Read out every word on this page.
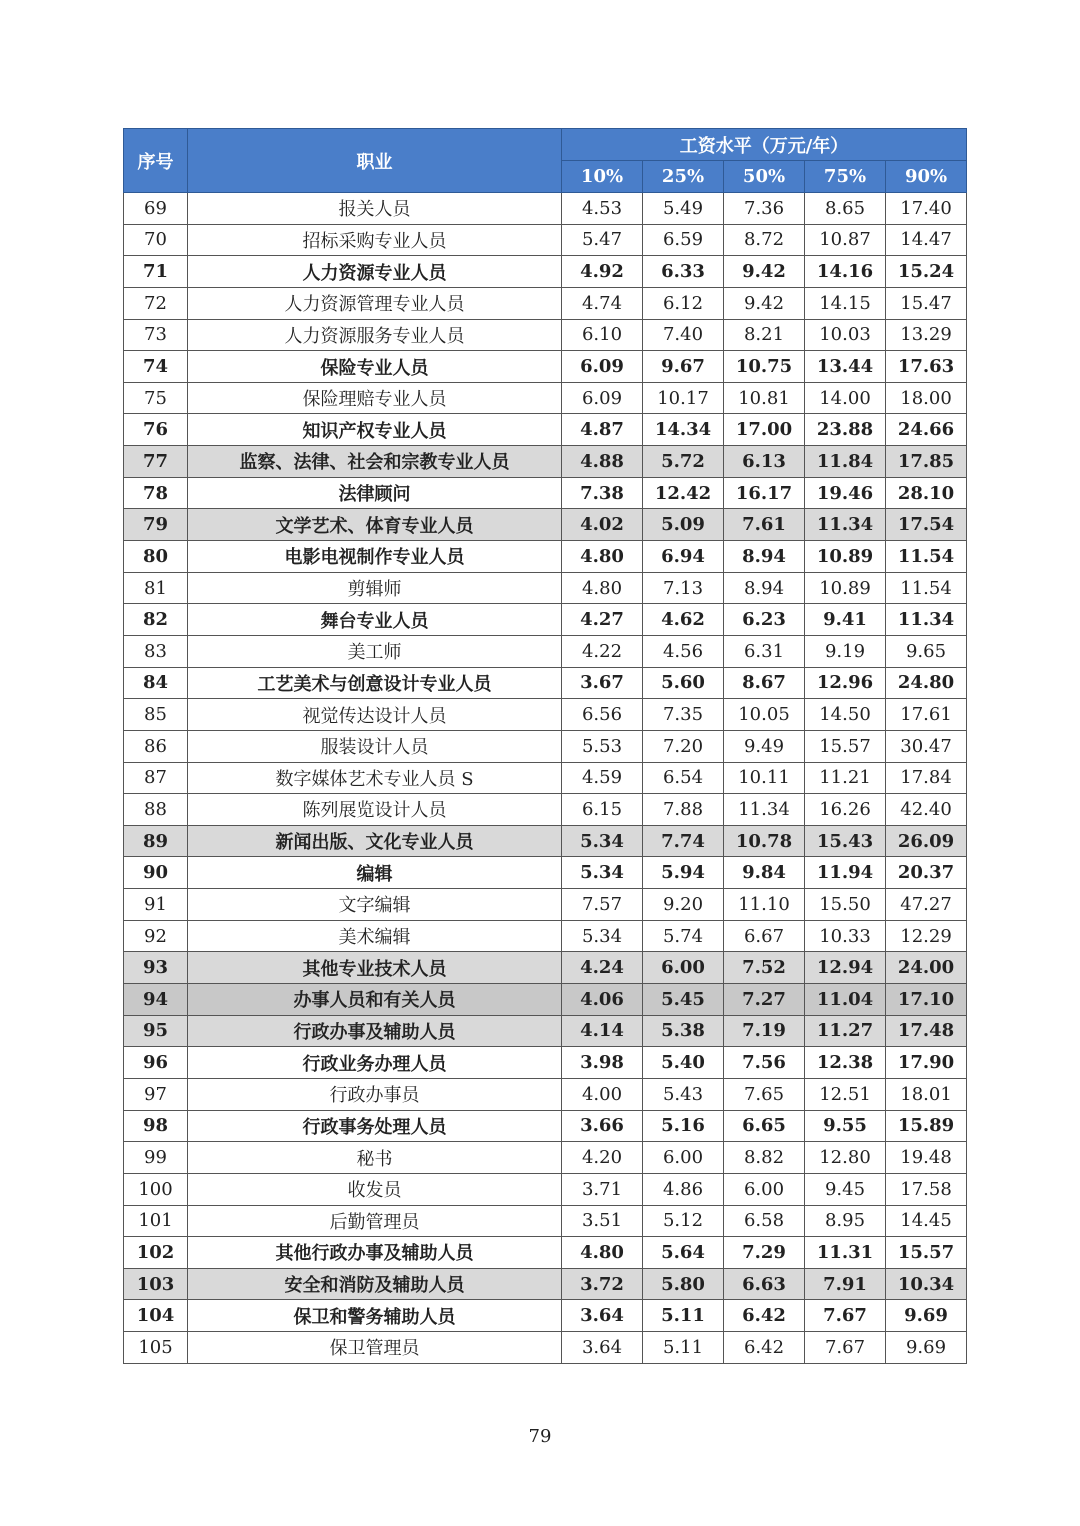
序号	职业	工资水平（万元/年）				
		10%	25%	50%	75%	90%
69	报关人员	4.53	5.49	7.36	8.65	17.40
70	招标采购专业人员	5.47	6.59	8.72	10.87	14.47
71	人力资源专业人员	4.92	6.33	9.42	14.16	15.24
72	人力资源管理专业人员	4.74	6.12	9.42	14.15	15.47
73	人力资源服务专业人员	6.10	7.40	8.21	10.03	13.29
74	保险专业人员	6.09	9.67	10.75	13.44	17.63
75	保险理赔专业人员	6.09	10.17	10.81	14.00	18.00
76	知识产权专业人员	4.87	14.34	17.00	23.88	24.66
77	监察、法律、社会和宗教专业人员	4.88	5.72	6.13	11.84	17.85
78	法律顾问	7.38	12.42	16.17	19.46	28.10
79	文学艺术、体育专业人员	4.02	5.09	7.61	11.34	17.54
80	电影电视制作专业人员	4.80	6.94	8.94	10.89	11.54
81	剪辑师	4.80	7.13	8.94	10.89	11.54
82	舞台专业人员	4.27	4.62	6.23	9.41	11.34
83	美工师	4.22	4.56	6.31	9.19	9.65
84	工艺美术与创意设计专业人员	3.67	5.60	8.67	12.96	24.80
85	视觉传达设计人员	6.56	7.35	10.05	14.50	17.61
86	服装设计人员	5.53	7.20	9.49	15.57	30.47
87	数字媒体艺术专业人员 S	4.59	6.54	10.11	11.21	17.84
88	陈列展览设计人员	6.15	7.88	11.34	16.26	42.40
89	新闻出版、文化专业人员	5.34	7.74	10.78	15.43	26.09
90	编辑	5.34	5.94	9.84	11.94	20.37
91	文字编辑	7.57	9.20	11.10	15.50	47.27
92	美术编辑	5.34	5.74	6.67	10.33	12.29
93	其他专业技术人员	4.24	6.00	7.52	12.94	24.00
94	办事人员和有关人员	4.06	5.45	7.27	11.04	17.10
95	行政办事及辅助人员	4.14	5.38	7.19	11.27	17.48
96	行政业务办理人员	3.98	5.40	7.56	12.38	17.90
97	行政办事员	4.00	5.43	7.65	12.51	18.01
98	行政事务处理人员	3.66	5.16	6.65	9.55	15.89
99	秘书	4.20	6.00	8.82	12.80	19.48
100	收发员	3.71	4.86	6.00	9.45	17.58
101	后勤管理员	3.51	5.12	6.58	8.95	14.45
102	其他行政办事及辅助人员	4.80	5.64	7.29	11.31	15.57
103	安全和消防及辅助人员	3.72	5.80	6.63	7.91	10.34
104	保卫和警务辅助人员	3.64	5.11	6.42	7.67	9.69
105	保卫管理员	3.64	5.11	6.42	7.67	9.69
79
